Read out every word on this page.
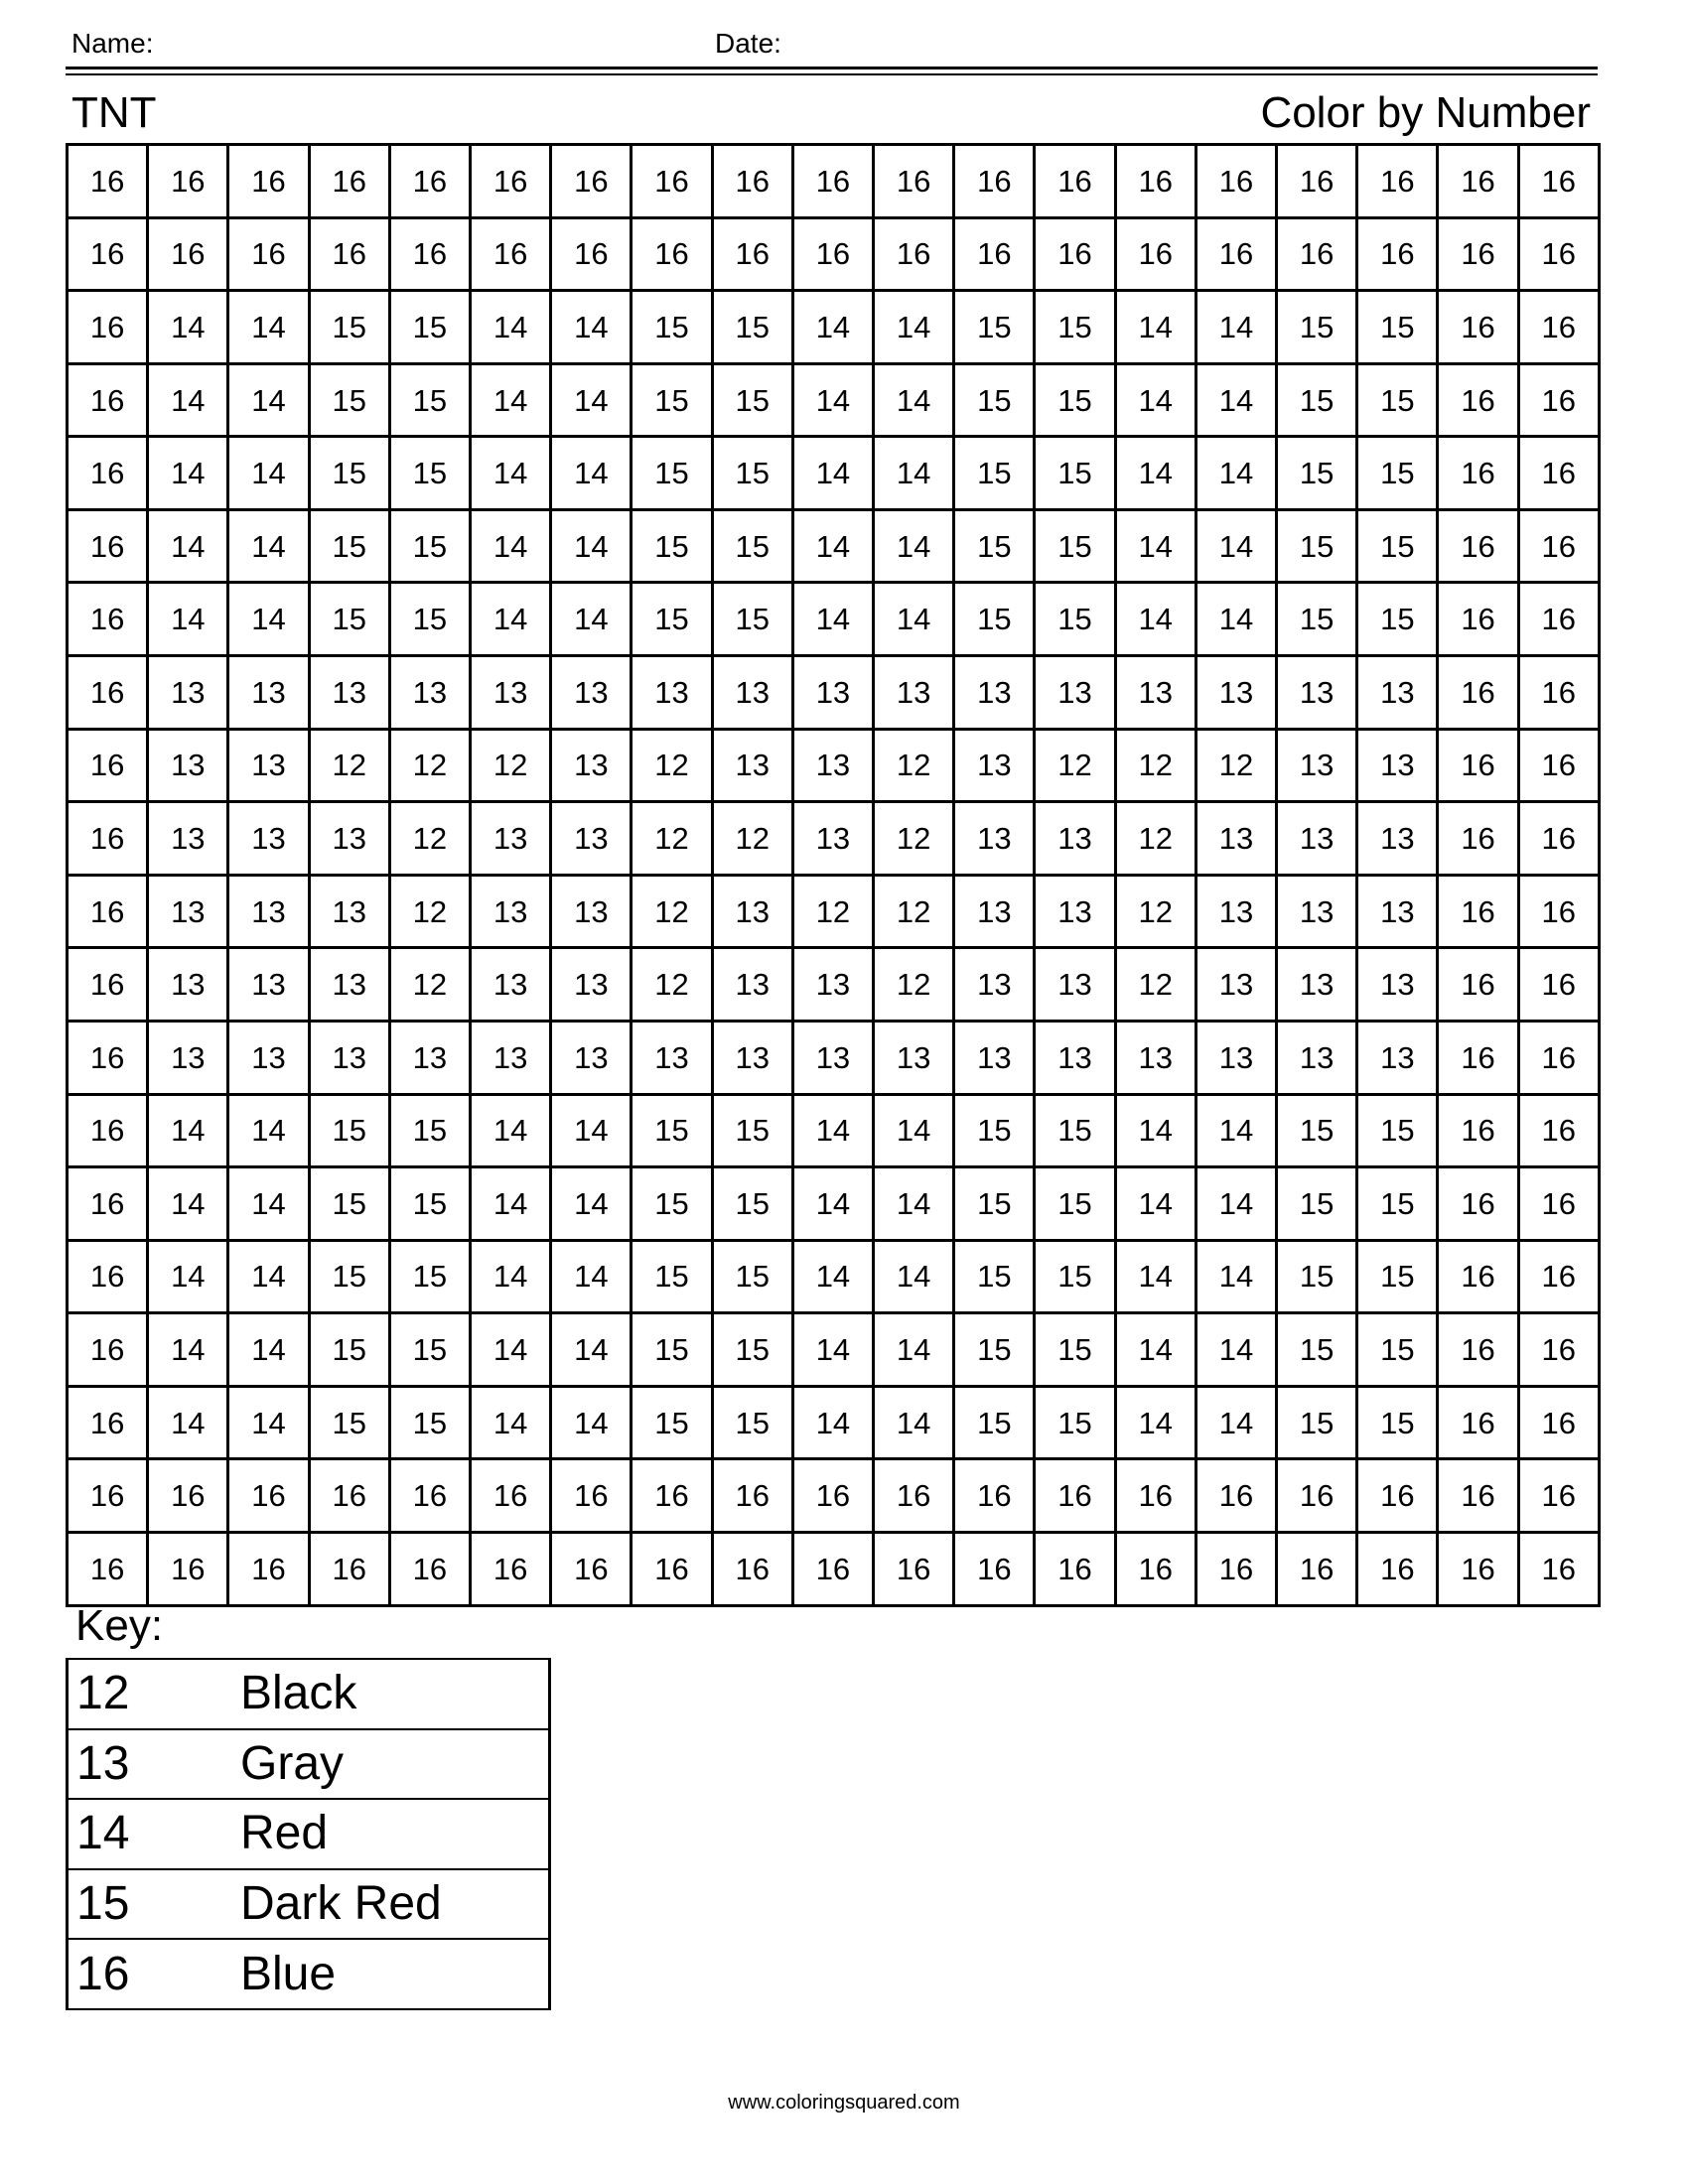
Name:	Date:
TNT	Color by Number
16	16	16	16	16	16	16	16	16	16	16	16	16	16	16	16	16	16	16
16	16	16	16	16	16	16	16	16	16	16	16	16	16	16	16	16	16	16
16	14	14	15	15	14	14	15	15	14	14	15	15	14	14	15	15	16	16
16	14	14	15	15	14	14	15	15	14	14	15	15	14	14	15	15	16	16
16	14	14	15	15	14	14	15	15	14	14	15	15	14	14	15	15	16	16
16	14	14	15	15	14	14	15	15	14	14	15	15	14	14	15	15	16	16
16	14	14	15	15	14	14	15	15	14	14	15	15	14	14	15	15	16	16
16	13	13	13	13	13	13	13	13	13	13	13	13	13	13	13	13	16	16
16	13	13	12	12	12	13	12	13	13	12	13	12	12	12	13	13	16	16
16	13	13	13	12	13	13	12	12	13	12	13	13	12	13	13	13	16	16
16	13	13	13	12	13	13	12	13	12	12	13	13	12	13	13	13	16	16
16	13	13	13	12	13	13	12	13	13	12	13	13	12	13	13	13	16	16
16	13	13	13	13	13	13	13	13	13	13	13	13	13	13	13	13	16	16
16	14	14	15	15	14	14	15	15	14	14	15	15	14	14	15	15	16	16
16	14	14	15	15	14	14	15	15	14	14	15	15	14	14	15	15	16	16
16	14	14	15	15	14	14	15	15	14	14	15	15	14	14	15	15	16	16
16	14	14	15	15	14	14	15	15	14	14	15	15	14	14	15	15	16	16
16	14	14	15	15	14	14	15	15	14	14	15	15	14	14	15	15	16	16
16	16	16	16	16	16	16	16	16	16	16	16	16	16	16	16	16	16	16
16	16	16	16	16	16	16	16	16	16	16	16	16	16	16	16	16	16	16
Key:
12	Black
13	Gray
14	Red
15	Dark Red
16	Blue
www.coloringsquared.com
